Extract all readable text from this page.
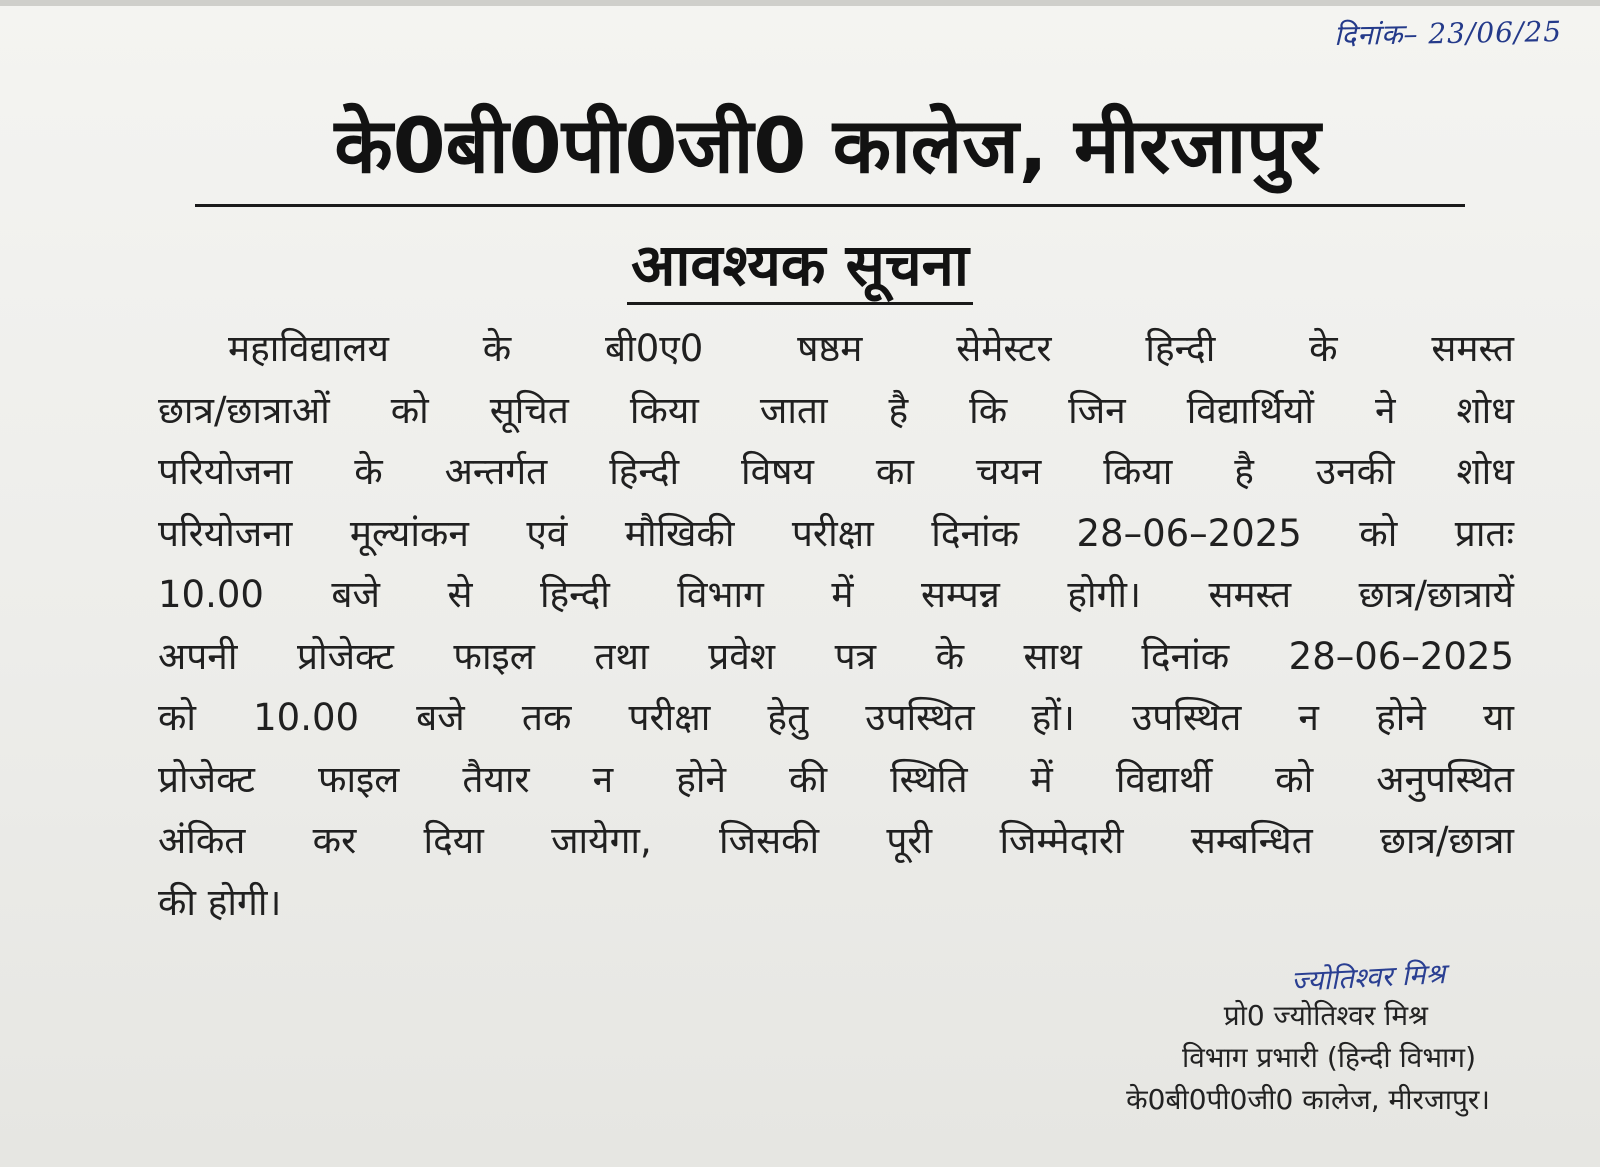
दिनांक– 23/06/25
के0बी0पी0जी0 कालेज, मीरजापुर
आवश्यक सूचना
महाविद्यालय के बी0ए0 षष्ठम सेमेस्टर हिन्दी के समस्त
छात्र/छात्राओं को सूचित किया जाता है कि जिन विद्यार्थियों ने शोध
परियोजना के अन्तर्गत हिन्दी विषय का चयन किया है उनकी शोध
परियोजना मूल्यांकन एवं मौखिकी परीक्षा दिनांक 28–06–2025 को प्रातः
10.00 बजे से हिन्दी विभाग में सम्पन्न होगी। समस्त छात्र/छात्रायें
अपनी प्रोजेक्ट फाइल तथा प्रवेश पत्र के साथ दिनांक 28–06–2025
को 10.00 बजे तक परीक्षा हेतु उपस्थित हों। उपस्थित न होने या
प्रोजेक्ट फाइल तैयार न होने की स्थिति में विद्यार्थी को अनुपस्थित
अंकित कर दिया जायेगा, जिसकी पूरी जिम्मेदारी सम्बन्धित छात्र/छात्रा
की होगी।
ज्योतिश्वर मिश्र
प्रो0 ज्योतिश्वर मिश्र
विभाग प्रभारी (हिन्दी विभाग)
के0बी0पी0जी0 कालेज, मीरजापुर।
